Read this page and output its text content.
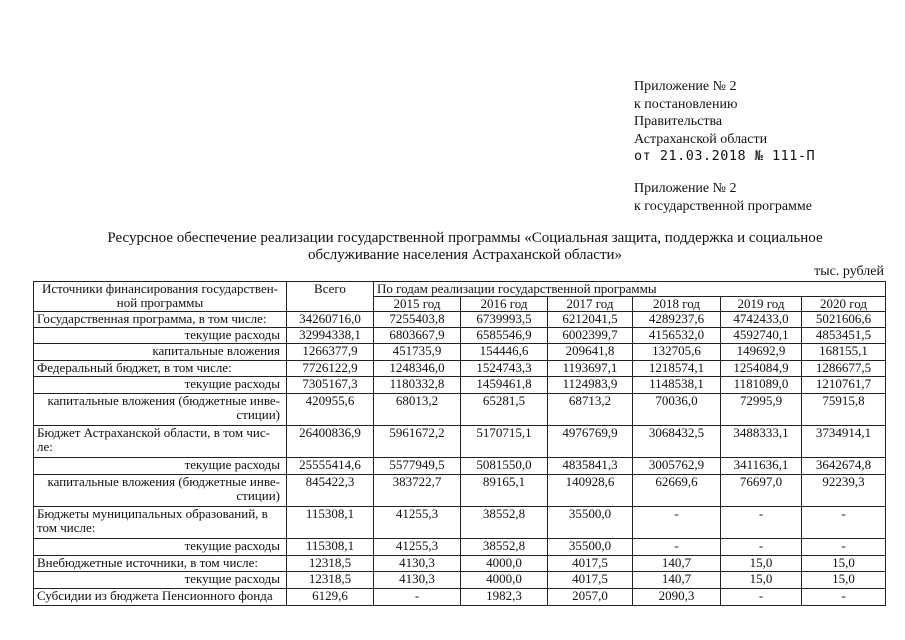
Приложение № 2
к постановлению
Правительства
Астраханской области
от 21.03.2018 № 111-П
Приложение № 2
к государственной программе
Ресурсное обеспечение реализации государственной программы «Социальная защита, поддержка и социальное
обслуживание населения Астраханской области»
тыс. рублей
Источники финансирования государствен-ной программы	Всего	По годам реализации государственной программы					
		2015 год	2016 год	2017 год	2018 год	2019 год	2020 год
Государственная программа, в том числе:	34260716,0	7255403,8	6739993,5	6212041,5	4289237,6	4742433,0	5021606,6
текущие расходы	32994338,1	6803667,9	6585546,9	6002399,7	4156532,0	4592740,1	4853451,5
капитальные вложения	1266377,9	451735,9	154446,6	209641,8	132705,6	149692,9	168155,1
Федеральный бюджет, в том числе:	7726122,9	1248346,0	1524743,3	1193697,1	1218574,1	1254084,9	1286677,5
текущие расходы	7305167,3	1180332,8	1459461,8	1124983,9	1148538,1	1181089,0	1210761,7
капитальные вложения (бюджетные инве-стиции)	420955,6	68013,2	65281,5	68713,2	70036,0	72995,9	75915,8
Бюджет Астраханской области, в том чис-ле:	26400836,9	5961672,2	5170715,1	4976769,9	3068432,5	3488333,1	3734914,1
текущие расходы	25555414,6	5577949,5	5081550,0	4835841,3	3005762,9	3411636,1	3642674,8
капитальные вложения (бюджетные инве-стиции)	845422,3	383722,7	89165,1	140928,6	62669,6	76697,0	92239,3
Бюджеты муниципальных образований, в том числе:	115308,1	41255,3	38552,8	35500,0	-	-	-
текущие расходы	115308,1	41255,3	38552,8	35500,0	-	-	-
Внебюджетные источники, в том числе:	12318,5	4130,3	4000,0	4017,5	140,7	15,0	15,0
текущие расходы	12318,5	4130,3	4000,0	4017,5	140,7	15,0	15,0
Субсидии из бюджета Пенсионного фонда	6129,6	-	1982,3	2057,0	2090,3	-	-
